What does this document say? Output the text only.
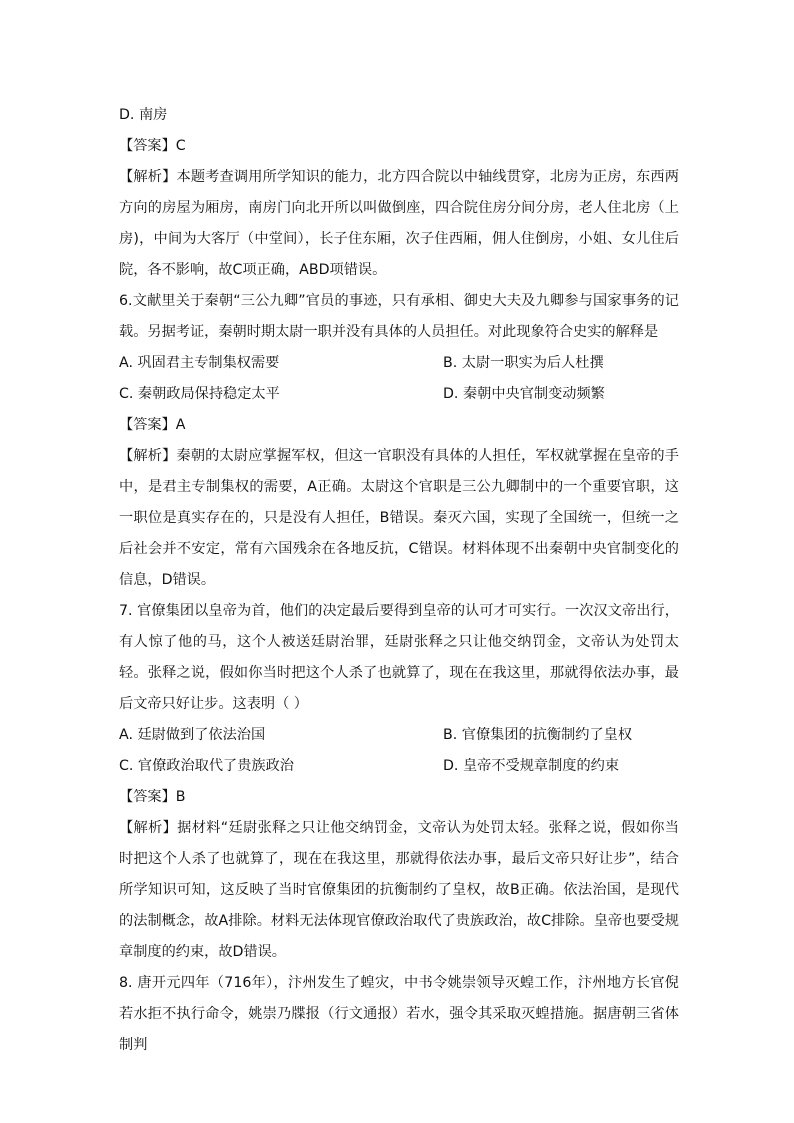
D. 南房
【答案】C
【解析】本题考查调用所学知识的能力，北方四合院以中轴线贯穿，北房为正房，东西两方向的房屋为厢房，南房门向北开所以叫做倒座，四合院住房分间分房，老人住北房（上房)，中间为大客厅（中堂间），长子住东厢，次子住西厢，佣人住倒房，小姐、女儿住后院，各不影响，故C项正确，ABD项错误。
6.文献里关于秦朝“三公九卿”官员的事迹，只有承相、御史大夫及九卿参与国家事务的记载。另据考证，秦朝时期太尉一职并没有具体的人员担任。对此现象符合史实的解释是
A. 巩固君主专制集权需要	B. 太尉一职实为后人杜撰
C. 秦朝政局保持稳定太平	D. 秦朝中央官制变动频繁
【答案】A
【解析】秦朝的太尉应掌握军权，但这一官职没有具体的人担任，军权就掌握在皇帝的手中，是君主专制集权的需要，A正确。太尉这个官职是三公九卿制中的一个重要官职，这一职位是真实存在的，只是没有人担任，B错误。秦灭六国，实现了全国统一，但统一之后社会并不安定，常有六国残余在各地反抗，C错误。材料体现不出秦朝中央官制变化的信息，D错误。
7. 官僚集团以皇帝为首，他们的决定最后要得到皇帝的认可才可实行。一次汉文帝出行，有人惊了他的马，这个人被送廷尉治罪，廷尉张释之只让他交纳罚金，文帝认为处罚太轻。张释之说，假如你当时把这个人杀了也就算了，现在在我这里，那就得依法办事，最后文帝只好让步。这表明（ ）
A. 廷尉做到了依法治国	B. 官僚集团的抗衡制约了皇权
C. 官僚政治取代了贵族政治	D. 皇帝不受规章制度的约束
【答案】B
【解析】据材料“廷尉张释之只让他交纳罚金，文帝认为处罚太轻。张释之说，假如你当时把这个人杀了也就算了，现在在我这里，那就得依法办事，最后文帝只好让步”，结合所学知识可知，这反映了当时官僚集团的抗衡制约了皇权，故B正确。依法治国，是现代的法制概念，故A排除。材料无法体现官僚政治取代了贵族政治，故C排除。皇帝也要受规章制度的约束，故D错误。
8. 唐开元四年（716年），汴州发生了蝗灾，中书令姚崇领导灭蝗工作，汴州地方长官倪若水拒不执行命令，姚崇乃牒报（行文通报）若水，强令其采取灭蝗措施。据唐朝三省体制判
